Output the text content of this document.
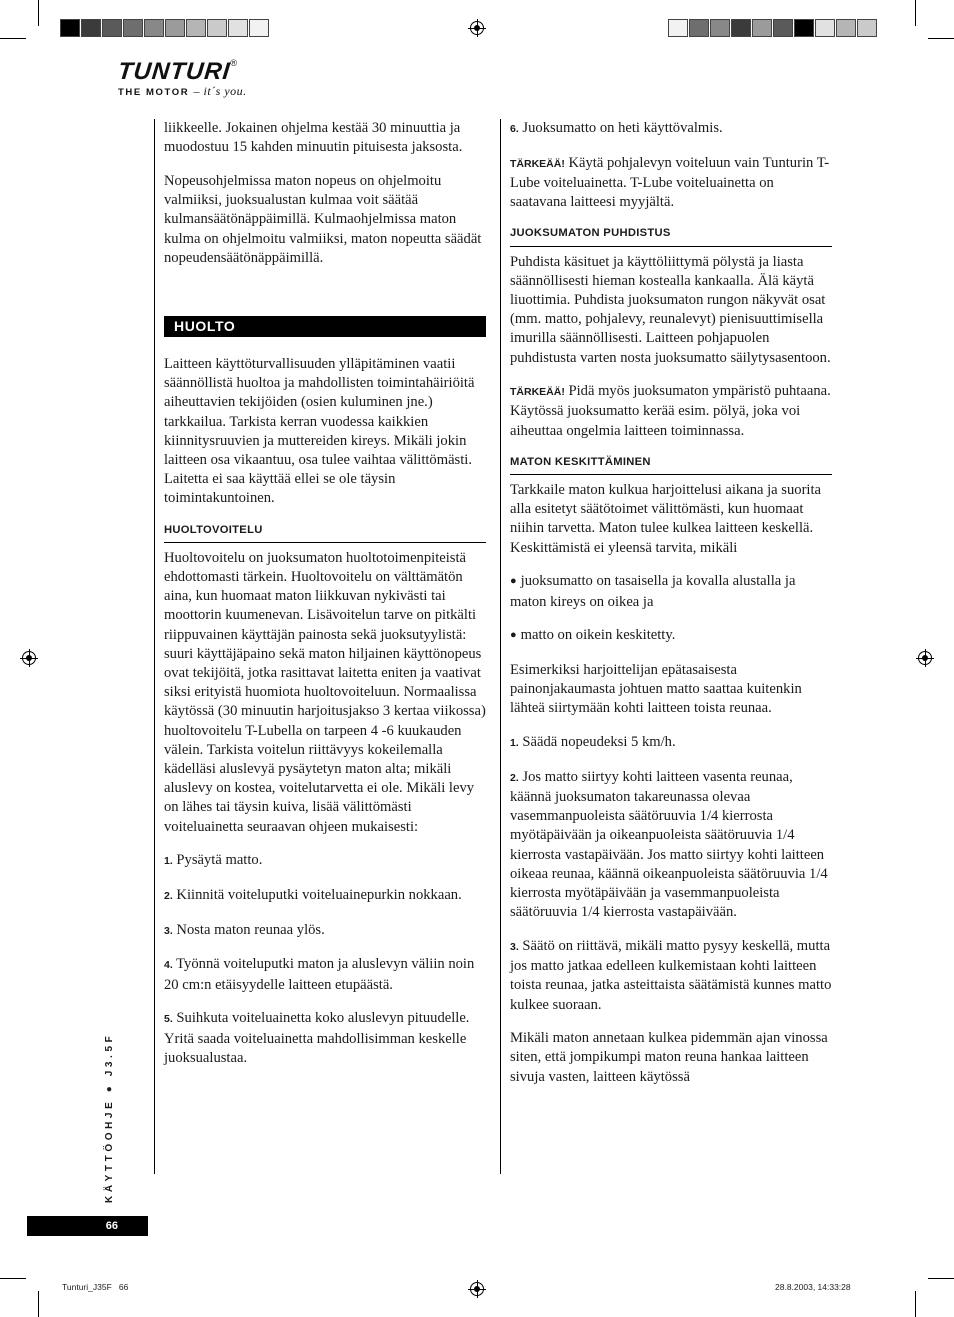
TUNTURI®
THE MOTOR – it´s you.

liikkeelle. Jokainen ohjelma kestää 30 minuuttia ja muodostuu 15 kahden minuutin pituisesta jaksosta.

Nopeusohjelmissa maton nopeus on ohjelmoitu valmiiksi, juoksualustan kulmaa voit säätää kulmansäätönäppäimillä. Kulmaohjelmissa maton kulma on ohjelmoitu valmiiksi, maton nopeutta säädät nopeudensäätönäppäimillä.

HUOLTO

Laitteen käyttöturvallisuuden ylläpitäminen vaatii säännöllistä huoltoa ja mahdollisten toimintahäiriöitä aiheuttavien tekijöiden (osien kuluminen jne.) tarkkailua. Tarkista kerran vuodessa kaikkien kiinnitysruuvien ja muttereiden kireys. Mikäli jokin laitteen osa vikaantuu, osa tulee vaihtaa välittömästi. Laitetta ei saa käyttää ellei se ole täysin toimintakuntoinen.

HUOLTOVOITELU

Huoltovoitelu on juoksumaton huoltotoimenpiteistä ehdottomasti tärkein. Huoltovoitelu on välttämätön aina, kun huomaat maton liikkuvan nykivästi tai moottorin kuumenevan. Lisävoitelun tarve on pitkälti riippuvainen käyttäjän painosta sekä juoksutyylistä: suuri käyttäjäpaino sekä maton hiljainen käyttönopeus ovat tekijöitä, jotka rasittavat laitetta eniten ja vaativat siksi erityistä huomiota huoltovoiteluun. Normaalissa käytössä (30 minuutin harjoitusjakso 3 kertaa viikossa) huoltovoitelu T-Lubella on tarpeen 4 -6 kuukauden välein. Tarkista voitelun riittävyys kokeilemalla kädelläsi aluslevyä pysäytetyn maton alta; mikäli aluslevy on kostea, voitelutarvetta ei ole. Mikäli levy on lähes tai täysin kuiva, lisää välittömästi voiteluainetta seuraavan ohjeen mukaisesti:

1. Pysäytä matto.

2. Kiinnitä voiteluputki voiteluainepurkin nokkaan.

3. Nosta maton reunaa ylös.

4. Työnnä voiteluputki maton ja aluslevyn väliin noin 20 cm:n etäisyydelle laitteen etupäästä.

5. Suihkuta voiteluainetta koko aluslevyn pituudelle. Yritä saada voiteluainetta mahdollisimman keskelle juoksualustaa.

6. Juoksumatto on heti käyttövalmis.

TÄRKEÄÄ! Käytä pohjalevyn voiteluun vain Tunturin T-Lube voiteluainetta. T-Lube voiteluainetta on saatavana laitteesi myyjältä.

JUOKSUMATON PUHDISTUS

Puhdista käsituet ja käyttöliittymä pölystä ja liasta säännöllisesti hieman kostealla kankaalla. Älä käytä liuottimia. Puhdista juoksumaton rungon näkyvät osat (mm. matto, pohjalevy, reunalevyt) pienisuuttimisella imurilla säännöllisesti. Laitteen pohjapuolen puhdistusta varten nosta juoksumatto säilytysasentoon.

TÄRKEÄÄ! Pidä myös juoksumaton ympäristö puhtaana. Käytössä juoksumatto kerää esim. pölyä, joka voi aiheuttaa ongelmia laitteen toiminnassa.

MATON KESKITTÄMINEN

Tarkkaile maton kulkua harjoittelusi aikana ja suorita alla esitetyt säätötoimet välittömästi, kun huomaat niihin tarvetta. Maton tulee kulkea laitteen keskellä. Keskittämistä ei yleensä tarvita, mikäli

● juoksumatto on tasaisella ja kovalla alustalla ja maton kireys on oikea ja

● matto on oikein keskitetty.

Esimerkiksi harjoittelijan epätasaisesta painonjakaumasta johtuen matto saattaa kuitenkin lähteä siirtymään kohti laitteen toista reunaa.

1. Säädä nopeudeksi 5 km/h.

2. Jos matto siirtyy kohti laitteen vasenta reunaa, käännä juoksumaton takareunassa olevaa vasemmanpuoleista säätöruuvia 1/4 kierrosta myötäpäivään ja oikeanpuoleista säätöruuvia 1/4 kierrosta vastapäivään. Jos matto siirtyy kohti laitteen oikeaa reunaa, käännä oikeanpuoleista säätöruuvia 1/4 kierrosta myötäpäivään ja vasemmanpuoleista säätöruuvia 1/4 kierrosta vastapäivään.

3. Säätö on riittävä, mikäli matto pysyy keskellä, mutta jos matto jatkaa edelleen kulkemistaan kohti laitteen toista reunaa, jatka asteittaista säätämistä kunnes matto kulkee suoraan.

Mikäli maton annetaan kulkea pidemmän ajan vinossa siten, että jompikumpi maton reuna hankaa laitteen sivuja vasten, laitteen käytössä

KÄYTTÖOHJE ● J3.5F
66
Tunturi_J35F   66	28.8.2003, 14:33:28
